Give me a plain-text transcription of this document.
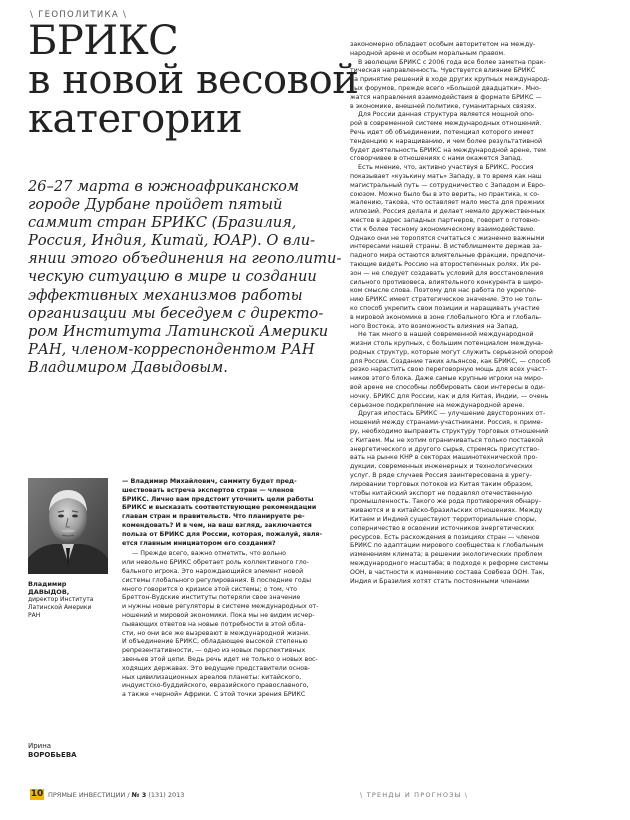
\ ГЕОПОЛИТИКА \
БРИКС
в новой весовой
категории
26–27 марта в южноафриканском
городе Дурбане пройдет пятый
саммит стран БРИКС (Бразилия,
Россия, Индия, Китай, ЮАР). О вли-
янии этого объединения на геополити-
ческую ситуацию в мире и создании
эффективных механизмов работы
организации мы беседуем с директо-
ром Института Латинской Америки
РАН, членом-корреспондентом РАН
Владимиром Давыдовым.
Владимир
ДАВЫДОВ,
директор Института
Латинской Америки
РАН
Ирина
ВОРОБЬЕВА
— Владимир Михайлович, саммиту будет пред-
шествовать встреча экспертов стран — членов
БРИКС. Лично вам предстоит уточнить цели работы
БРИКС и высказать соответствующие рекомендации
главам стран и правительств. Что планируете ре-
комендовать? И в чем, на ваш взгляд, заключается
польза от БРИКС для России, которая, пожалуй, явля-
ется главным инициатором его создания?
— Прежде всего, важно отметить, что вольно
или невольно БРИКС обретает роль коллективного гло-
бального игрока. Это нарождающийся элемент новой
системы глобального регулирования. В последние годы
много говорится о кризисе этой системы; о том, что
Бреттон-Вудские институты потеряли свое значение
и нужны новые регуляторы в системе международных от-
ношений и мировой экономики. Пока мы не видим исчер-
пывающих ответов на новые потребности в этой обла-
сти, но они все же вызревают в международной жизни.
И объединение БРИКС, обладающее высокой степенью
репрезентативности, — одно из новых перспективных
звеньев этой цепи. Ведь речь идет не только о новых вос-
ходящих державах. Это ведущие представители основ-
ных цивилизационных ареалов планеты: китайского,
индуистско-буддийского, евразийского православного,
а также «черной» Африки. С этой точки зрения БРИКС
закономерно обладает особым авторитетом на между-
народной арене и особым моральным правом.
В эволюции БРИКС с 2006 года все более заметна прак-
тическая направленность. Чувствуется влияние БРИКС
на принятие решений в ходе других крупных международ-
ных форумов, прежде всего «Большой двадцатки». Мно-
жатся направления взаимодействия в формате БРИКС —
в экономике, внешней политике, гуманитарных связях.
Для России данная структура является мощной опо-
рой в современной системе международных отношений.
Речь идет об объединении, потенциал которого имеет
тенденцию к наращиванию, и чем более результативной
будет деятельность БРИКС на международной арене, тем
сговорчивее в отношениях с нами окажется Запад.
Есть мнение, что, активно участвуя в БРИКС, Россия
показывает «кузькину мать» Западу, в то время как наш
магистральный путь — сотрудничество с Западом и Евро-
союзом. Можно было бы в это верить, но практика, к со-
жалению, такова, что оставляет мало места для прежних
иллюзий. Россия делала и делает немало дружественных
жестов в адрес западных партнеров, говорит о готовно-
сти к более тесному экономическому взаимодействию.
Однако они не торопятся считаться с жизненно важными
интересами нашей страны. В истеблишменте держав за-
падного мира остаются влиятельные фракции, предпочи-
тающие видеть Россию на второстепенных ролях. Их ре-
зон — не следует создавать условий для восстановления
сильного противовеса, влиятельного конкурента в широ-
ком смысле слова. Поэтому для нас работа по укрепле-
нию БРИКС имеет стратегическое значение. Это не толь-
ко способ укрепить свои позиции и наращивать участие
в мировой экономике в зоне глобального Юга и глобаль-
ного Востока, это возможность влияния на Запад.
Не так много в нашей современной международной
жизни столь крупных, с большим потенциалом междуна-
родных структур, которые могут служить серьезной опорой
для России. Создание таких альянсов, как БРИКС, — способ
резко нарастить свою переговорную мощь для всех участ-
ников этого блока. Даже самые крупные игроки на миро-
вой арене не способны лоббировать свои интересы в оди-
ночку. БРИКС для России, как и для Китая, Индии, — очень
серьезное подкрепление на международной арене.
Другая ипостась БРИКС — улучшение двусторонних от-
ношений между странами-участниками. Россия, к приме-
ру, необходимо выправить структуру торговых отношений
с Китаем. Мы не хотим ограничиваться только поставкой
энергетического и другого сырья, стремясь присутство-
вать на рынке КНР в секторах машинотехнической про-
дукции, современных инженерных и технологических
услуг. В ряде случаев Россия заинтересована в урегу-
лировании торговых потоков из Китая таким образом,
чтобы китайский экспорт не подавлял отечественную
промышленность. Такого же рода противоречия обнару-
живаются и в китайско-бразильских отношениях. Между
Китаем и Индией существуют территориальные споры,
соперничество в освоении источников энергетических
ресурсов. Есть расхождения в позициях стран — членов
БРИКС по адаптации мирового сообщества к глобальным
изменениям климата; в решении экологических проблем
международного масштаба; в подходе к реформе системы
ООН, в частности к изменению состава Совбеза ООН. Так,
Индия и Бразилия хотят стать постоянными членами
10 ПРЯМЫЕ ИНВЕСТИЦИИ / № 3 (131) 2013	\ ТРЕНДЫ И ПРОГНОЗЫ \
